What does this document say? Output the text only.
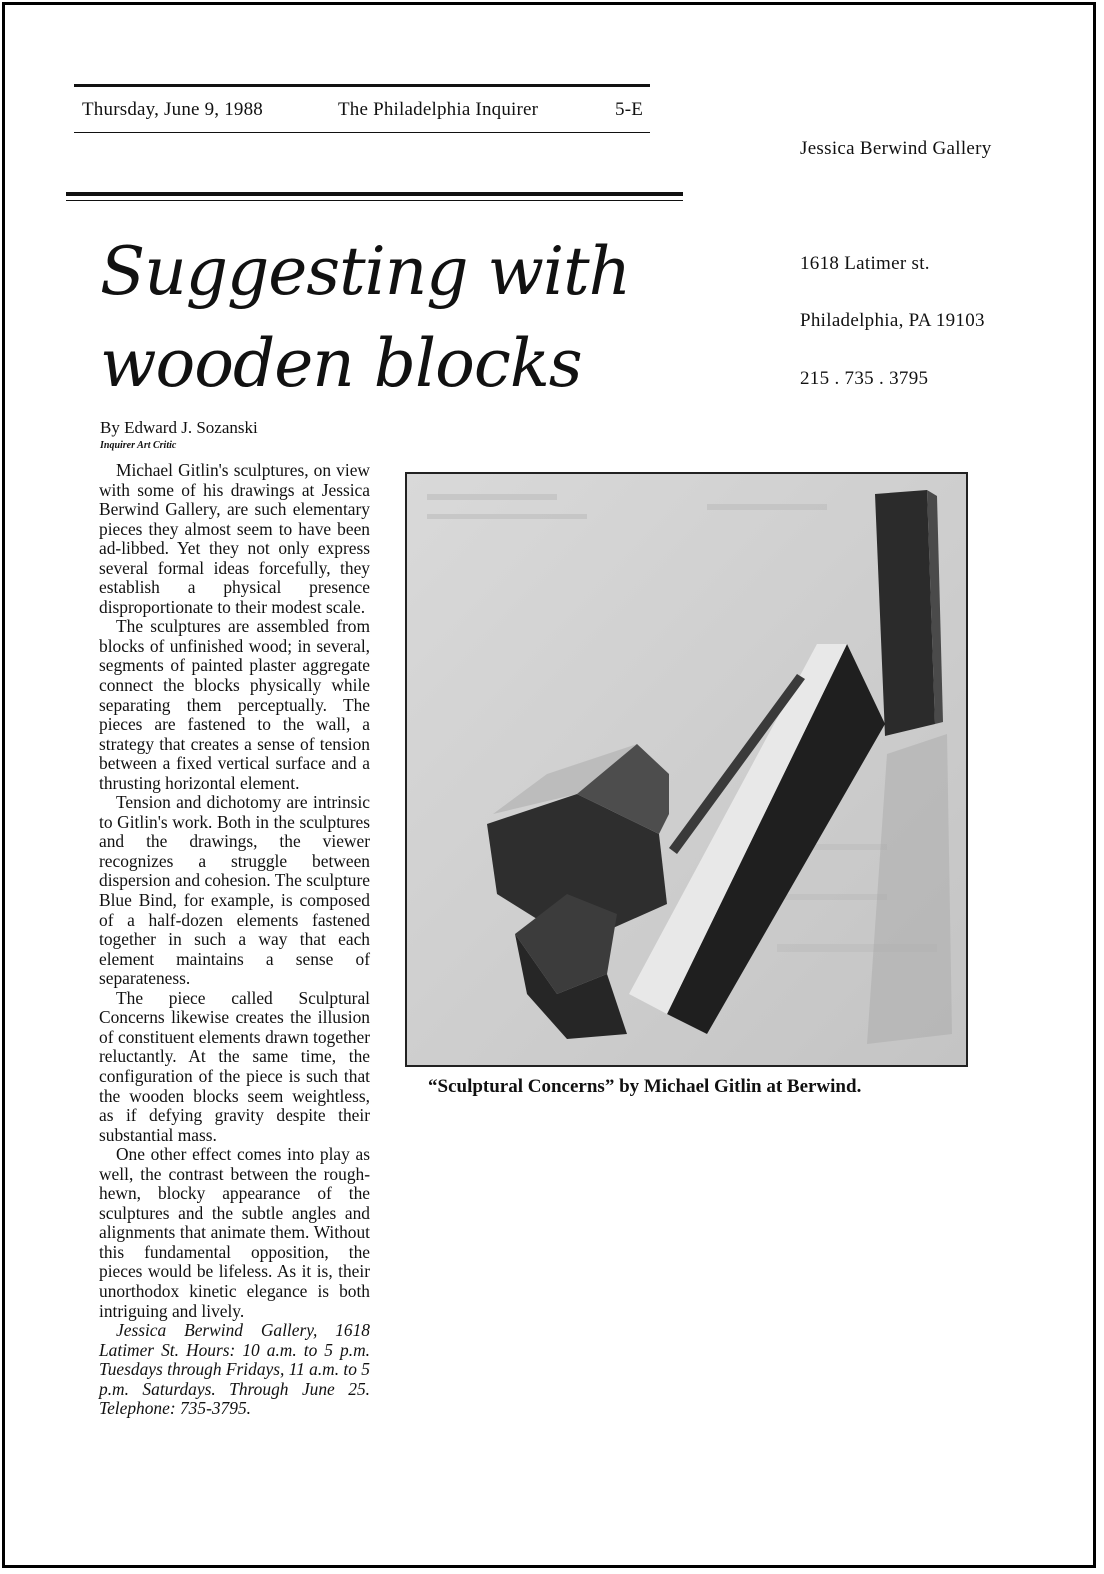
Thursday, June 9, 1988	The Philadelphia Inquirer	5-E
Jessica Berwind Gallery
1618 Latimer st.
Philadelphia, PA 19103
215 . 735 . 3795
Suggesting with
wooden blocks
By Edward J. Sozanski
Inquirer Art Critic

Michael Gitlin's sculptures, on view with some of his drawings at Jessica Berwind Gallery, are such elementary pieces they almost seem to have been ad-libbed. Yet they not only express several formal ideas forcefully, they establish a physical presence disproportionate to their modest scale.

The sculptures are assembled from blocks of unfinished wood; in several, segments of painted plaster aggregate connect the blocks physically while separating them perceptually. The pieces are fastened to the wall, a strategy that creates a sense of tension between a fixed vertical surface and a thrusting horizontal element.

Tension and dichotomy are intrinsic to Gitlin's work. Both in the sculptures and the drawings, the viewer recognizes a struggle between dispersion and cohesion. The sculpture Blue Bind, for example, is composed of a half-dozen elements fastened together in such a way that each element maintains a sense of separateness.

The piece called Sculptural Concerns likewise creates the illusion of constituent elements drawn together reluctantly. At the same time, the configuration of the piece is such that the wooden blocks seem weightless, as if defying gravity despite their substantial mass.

One other effect comes into play as well, the contrast between the rough-hewn, blocky appearance of the sculptures and the subtle angles and alignments that animate them. Without this fundamental opposition, the pieces would be lifeless. As it is, their unorthodox kinetic elegance is both intriguing and lively.

Jessica Berwind Gallery, 1618 Latimer St. Hours: 10 a.m. to 5 p.m. Tuesdays through Fridays, 11 a.m. to 5 p.m. Saturdays. Through June 25. Telephone: 735-3795.

“Sculptural Concerns” by Michael Gitlin at Berwind.
